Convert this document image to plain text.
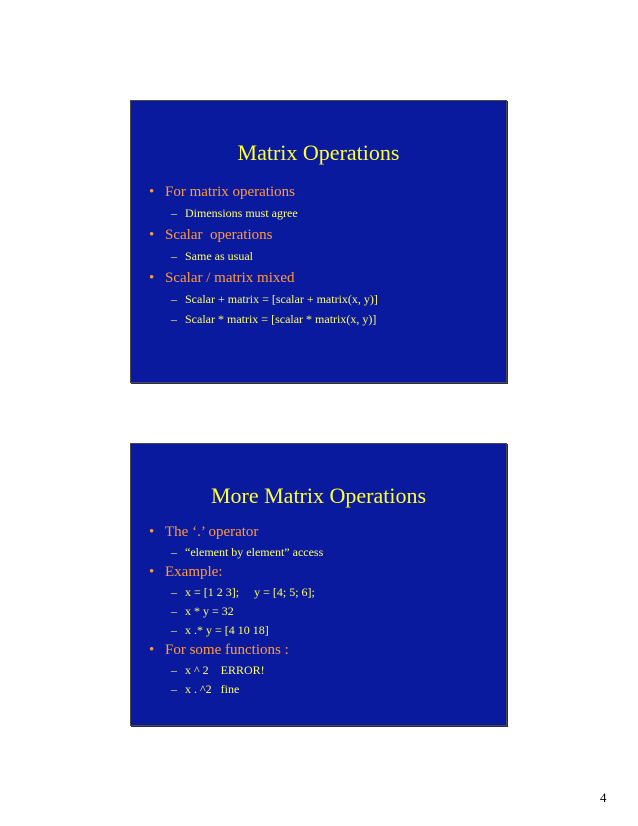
Matrix Operations
• For matrix operations
– Dimensions must agree
• Scalar  operations
– Same as usual
• Scalar / matrix mixed
– Scalar + matrix = [scalar + matrix(x, y)]
– Scalar * matrix = [scalar * matrix(x, y)]
More Matrix Operations
• The ‘.’ operator
– “element by element” access
• Example:
– x = [1 2 3];     y = [4; 5; 6];
– x * y = 32
– x .* y = [4 10 18]
• For some functions :
– x ^ 2    ERROR!
– x . ^2   fine
4
